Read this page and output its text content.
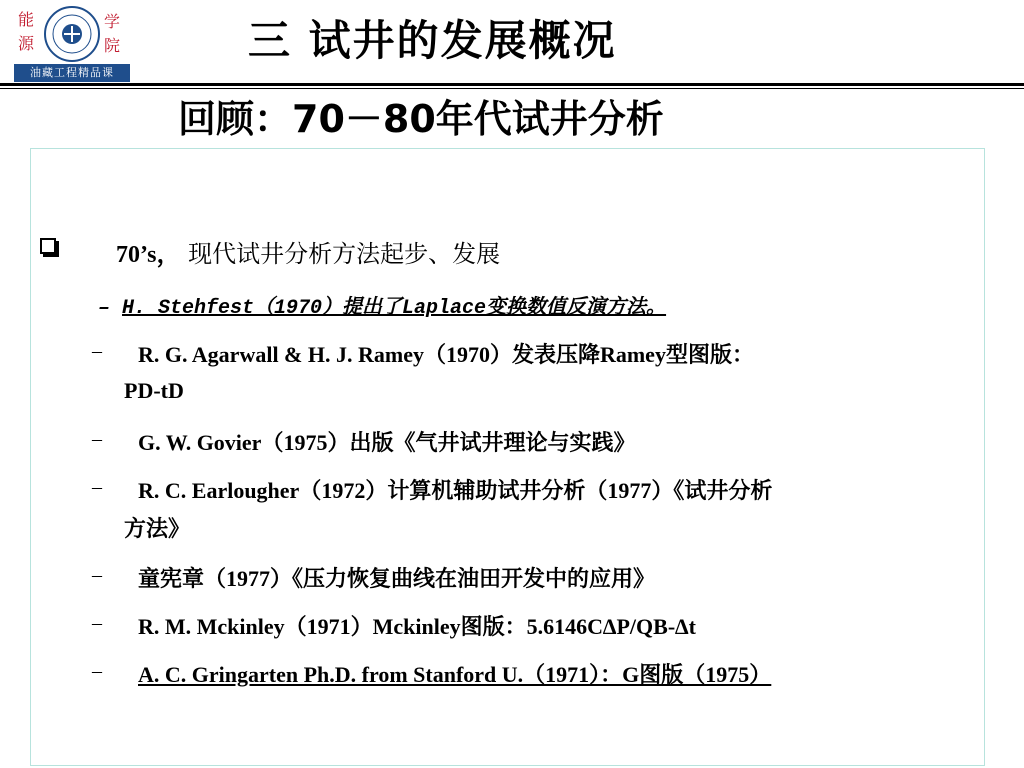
能
源
学
院
油藏工程精品课
三 试井的发展概况
回顾：70－80年代试井分析
70’s， 现代试井分析方法起步、发展
– H. Stehfest（1970）提出了Laplace变换数值反演方法。
– R. G. Agarwall & H. J. Ramey（1970）发表压降Ramey型图版：
PD-tD
– G. W. Govier（1975）出版《气井试井理论与实践》
– R. C. Earlougher（1972）计算机辅助试井分析（1977）《试井分析
方法》
– 童宪章（1977）《压力恢复曲线在油田开发中的应用》
– R. M. Mckinley（1971）Mckinley图版：5.6146C∆P/QB-∆t
– A. C. Gringarten Ph.D. from Stanford U.（1971）：G图版（1975）
